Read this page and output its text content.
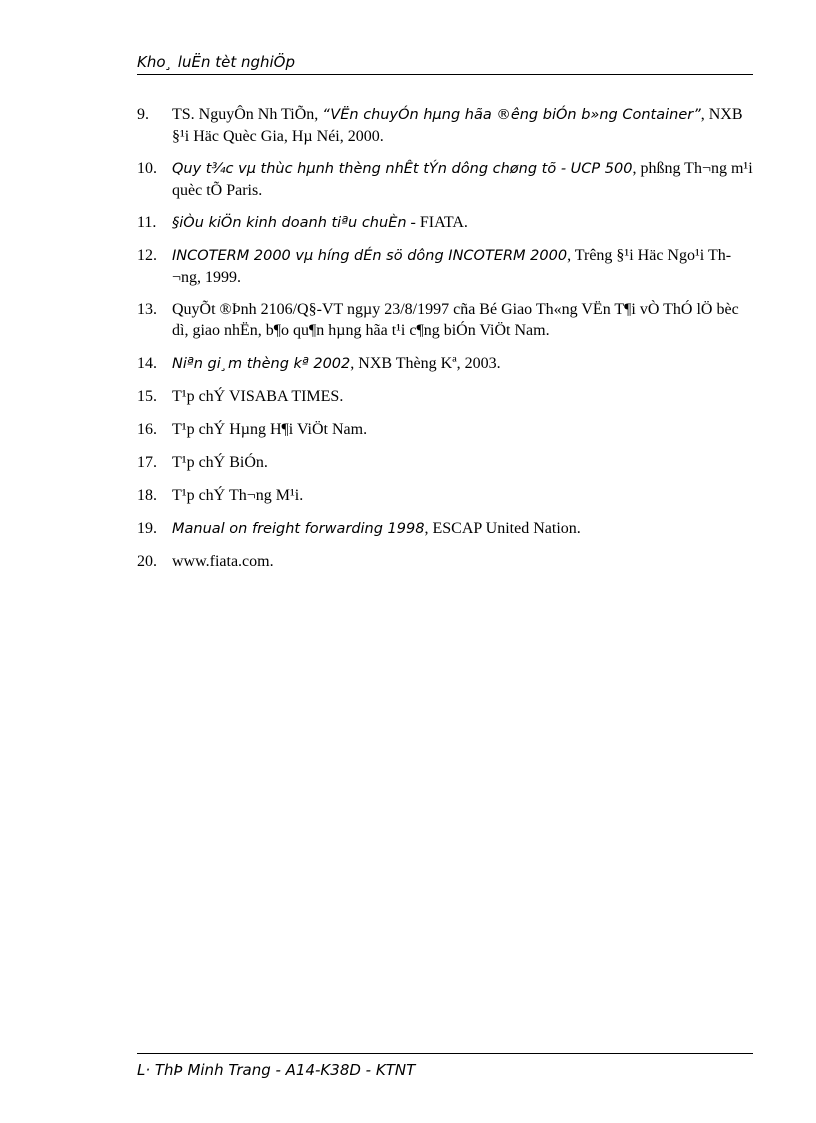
Kho¸ luËn tèt nghiÖp
9. TS. NguyÔn Nh TiÕn, “VËn chuyÓn hµng hãa ®êng biÓn b»ng Container”, NXB §¹i Häc Quèc Gia, Hµ Néi, 2000.
10. Quy t¾c vµ thùc hµnh thèng nhÊt tÝn dông chøng tõ - UCP 500, phßng Th¬ng m¹i quèc tÕ Paris.
11. §iÒu kiÖn kinh doanh tiªu chuÈn - FIATA.
12. INCOTERM 2000 vµ híng dÉn sö dông INCOTERM 2000, Trêng §¹i Häc Ngo¹i Th¬ng, 1999.
13. QuyÕt ®Þnh 2106/Q§-VT ngµy 23/8/1997 cña Bé Giao Th«ng VËn T¶i vÒ ThÓ lÖ bèc dì, giao nhËn, b¶o qu¶n hµng hãa t¹i c¶ng biÓn ViÖt Nam.
14. Niªn gi¸m thèng kª 2002, NXB Thèng Kª, 2003.
15. T¹p chÝ VISABA TIMES.
16. T¹p chÝ Hµng H¶i ViÖt Nam.
17. T¹p chÝ BiÓn.
18. T¹p chÝ Th¬ng M¹i.
19. Manual on freight forwarding 1998, ESCAP United Nation.
20. www.fiata.com.
L· ThÞ Minh Trang - A14-K38D - KTNT
